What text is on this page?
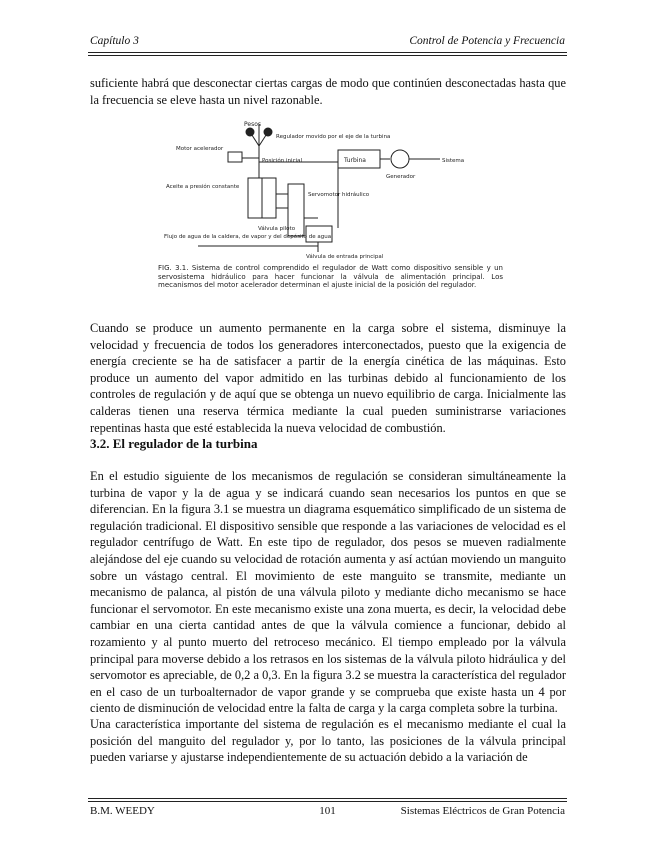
Capítulo 3	Control de Potencia y Frecuencia
suficiente habrá que desconectar ciertas cargas de modo que continúen desconectadas hasta que la frecuencia se eleve hasta un nivel razonable.
Pesos
Regulador movido por el eje de la turbina
Motor acelerador
Posición inicial	Turbina
Generador
Sistema
Aceite a presión constante
Servomotor hidráulico
Válvula piloto
Válvula de entrada principal
Flujo de agua de la caldera, de vapor y del depósito de agua
FIG. 3.1. Sistema de control comprendido el regulador de Watt como dispositivo sensible y un servosistema hidráulico para hacer funcionar la válvula de alimentación principal. Los mecanismos del motor acelerador determinan el ajuste inicial de la posición del regulador.
Cuando se produce un aumento permanente en la carga sobre el sistema, disminuye la velocidad y frecuencia de todos los generadores interconectados, puesto que la exigencia de energía creciente se ha de satisfacer a partir de la energía cinética de las máquinas. Esto produce un aumento del vapor admitido en las turbinas debido al funcionamiento de los controles de regulación y de aquí que se obtenga un nuevo equilibrio de carga. Inicialmente las calderas tienen una reserva térmica mediante la cual pueden suministrarse variaciones repentinas hasta que esté establecida la nueva velocidad de combustión.
3.2. El regulador de la turbina
En el estudio siguiente de los mecanismos de regulación se consideran simultáneamente la turbina de vapor y la de agua y se indicará cuando sean necesarios los puntos en que se diferencian. En la figura 3.1 se muestra un diagrama esquemático simplificado de un sistema de regulación tradicional. El dispositivo sensible que responde a las variaciones de velocidad es el regulador centrífugo de Watt. En este tipo de regulador, dos pesos se mueven radialmente alejándose del eje cuando su velocidad de rotación aumenta y así actúan moviendo un manguito sobre un vástago central. El movimiento de este manguito se transmite, mediante un mecanismo de palanca, al pistón de una válvula piloto y mediante dicho mecanismo se hace funcionar el servomotor. En este mecanismo existe una zona muerta, es decir, la velocidad debe cambiar en una cierta cantidad antes de que la válvula comience a funcionar, debido al rozamiento y al punto muerto del retroceso mecánico. El tiempo empleado por la válvula principal para moverse debido a los retrasos en los sistemas de la válvula piloto hidráulica y del servomotor es apreciable, de 0,2 a 0,3. En la figura 3.2 se muestra la característica del regulador en el caso de un turboalternador de vapor grande y se comprueba que existe hasta un 4 por ciento de disminución de velocidad entre la falta de carga y la carga completa sobre la turbina.
Una característica importante del sistema de regulación es el mecanismo mediante el cual la posición del manguito del regulador y, por lo tanto, las posiciones de la válvula principal pueden variarse y ajustarse independientemente de su actuación debido a la variación de
B.M. WEEDY	101	Sistemas Eléctricos de Gran Potencia
